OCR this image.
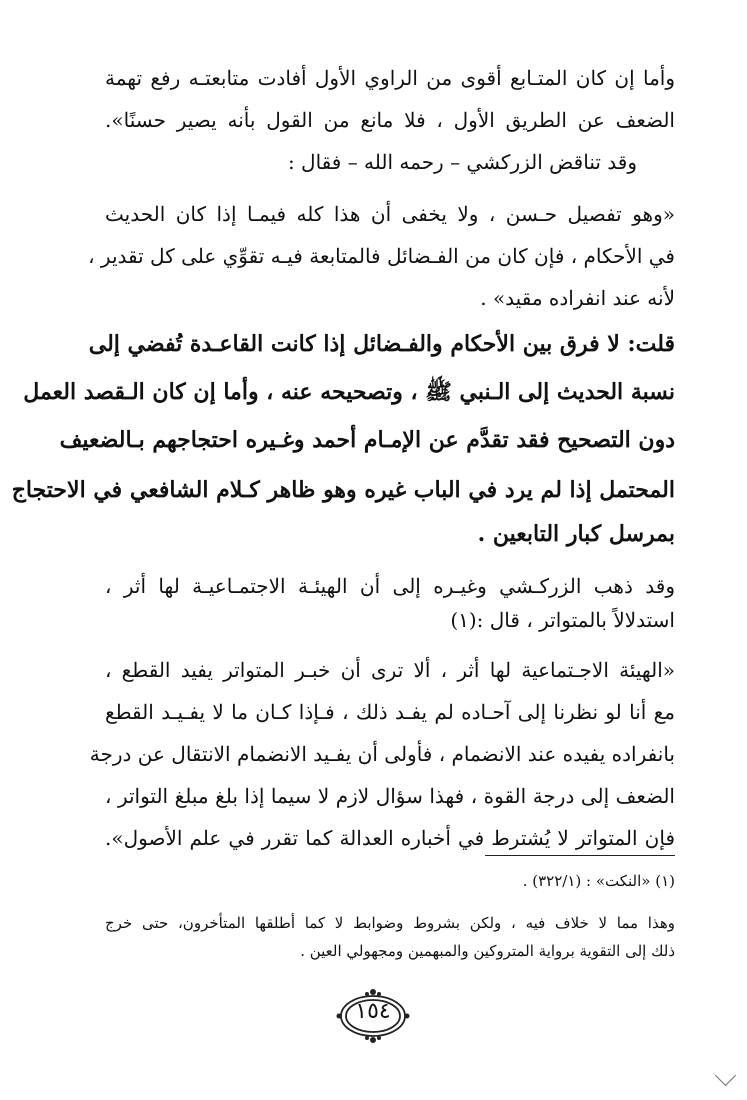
وأما إن كان المتـابع أقوى من الراوي الأول أفادت متابعتـه رفع تهمة
الضعف عن الطريق الأول ، فلا مانع من القول بأنه يصير حسنًا».
وقد تناقض الزركشي – رحمه الله – فقال :
«وهو تفصيل حـسن ، ولا يخفى أن هذا كله فيمـا إذا كان الحديث
في الأحكام ، فإن كان من الفـضائل فالمتابعة فيـه تقوِّي على كل تقدير ،
لأنه عند انفراده مقيد» .
قلت: لا فرق بين الأحكام والفـضائل إذا كانت القاعـدة تُفضي إلى
نسبة الحديث إلى الـنبي ﷺ ، وتصحيحه عنه ، وأما إن كان الـقصد العمل
دون التصحيح فقد تقدَّم عن الإمـام أحمد وغـيره احتجاجهم بـالضعيف
المحتمل إذا لم يرد في الباب غيره وهو ظاهر كـلام الشافعي في الاحتجاج
بمرسل كبار التابعين .
وقد ذهب الزركـشي وغيـره إلى أن الهيئـة الاجتمـاعيـة لها أثر ،
استدلالاً بالمتواتر ، قال :(١)
«الهيئة الاجـتماعية لها أثر ، ألا ترى أن خبـر المتواتر يفيد القطع ،
مع أنا لو نظرنا إلى آحـاده لم يفـد ذلك ، فـإذا كـان ما لا يفـيـد القطع
بانفراده يفيده عند الانضمام ، فأولى أن يفـيد الانضمام الانتقال عن درجة
الضعف إلى درجة القوة ، فهذا سؤال لازم لا سيما إذا بلغ مبلغ التواتر ،
فإن المتواتر لا يُشترط في أخباره العدالة كما تقرر في علم الأصول».
(١) «النكت» : (٣٢٢/١) .
وهذا مما لا خلاف فيه ، ولكن بشروط وضوابط لا كما أطلقها المتأخرون، حتى خرج
ذلك إلى التقوية برواية المتروكين والمبهمين ومجهولي العين .
١٥٤
